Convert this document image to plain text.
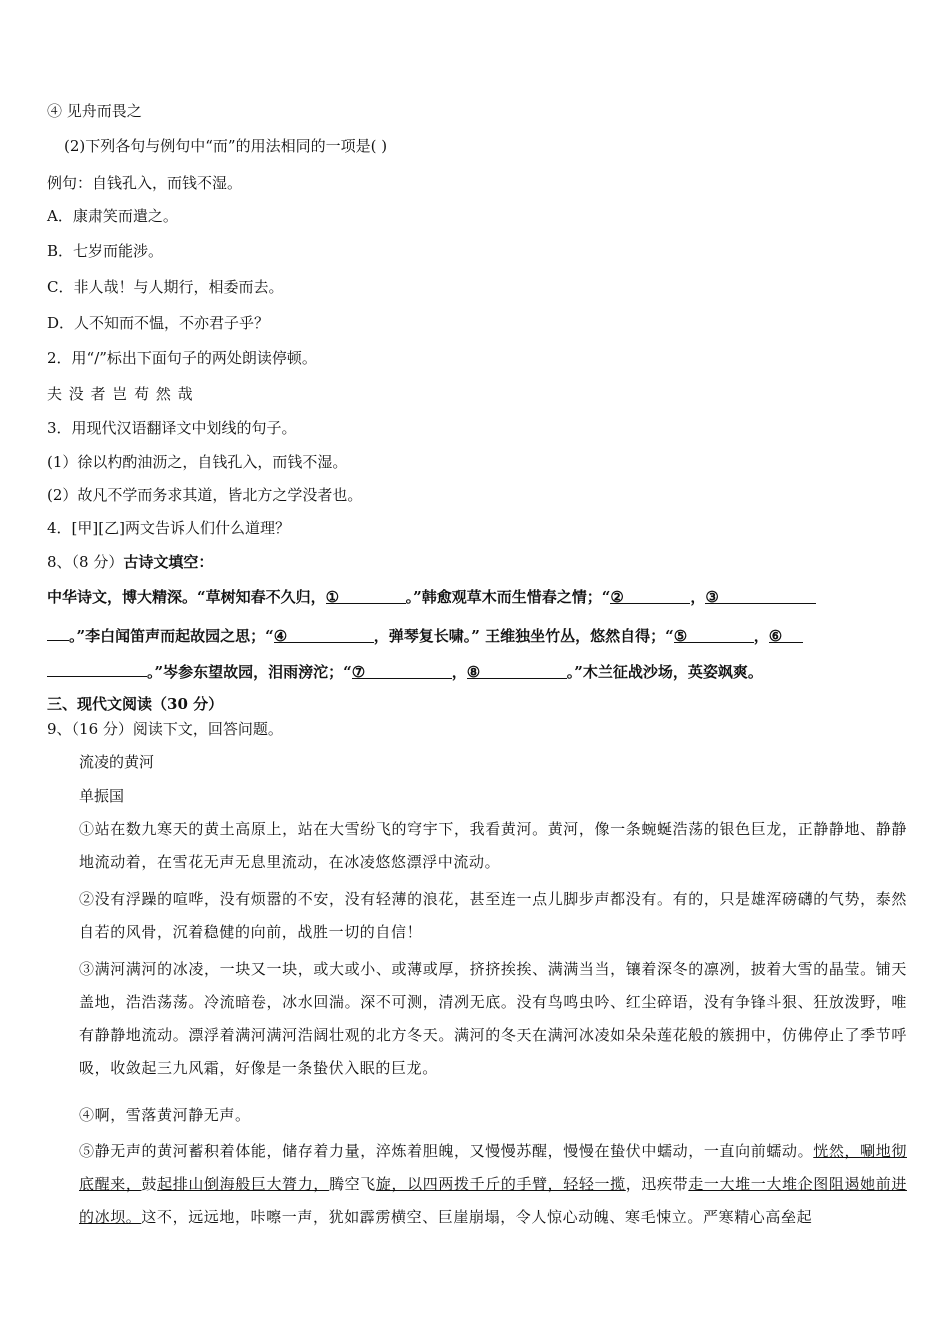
④ 见舟而畏之
(2)下列各句与例句中“而”的用法相同的一项是( )
例句：自钱孔入，而钱不湿。
A．康肃笑而遣之。
B．七岁而能涉。
C．非人哉！与人期行，相委而去。
D．人不知而不愠，不亦君子乎？
2．用“/”标出下面句子的两处朗读停顿。
夫 没 者 岂 苟 然 哉
3．用现代汉语翻译文中划线的句子。
(1）徐以杓酌油沥之，自钱孔入，而钱不湿。
(2）故凡不学而务求其道，皆北方之学没者也。
4．[甲][乙]两文告诉人们什么道理？
8、（8 分）古诗文填空：
中华诗文，博大精深。“草树知春不久归，①	。”韩愈观草木而生惜春之情；“②	，③
。”李白闻笛声而起故园之思；“④	，弹琴复长啸。” 王维独坐竹丛，悠然自得；“⑤	，⑥
。”岑参东望故园，泪雨滂沱；“⑦	，⑧	。”木兰征战沙场，英姿飒爽。
三、现代文阅读（30 分）
9、（16 分）阅读下文，回答问题。
流凌的黄河
单振国
①站在数九寒天的黄土高原上，站在大雪纷飞的穹宇下，我看黄河。黄河，像一条蜿蜒浩荡的银色巨龙，正静静地、静静地流动着，在雪花无声无息里流动，在冰凌悠悠漂浮中流动。
②没有浮躁的喧哗，没有烦嚣的不安，没有轻薄的浪花，甚至连一点儿脚步声都没有。有的，只是雄浑磅礴的气势，泰然自若的风骨，沉着稳健的向前，战胜一切的自信！
③满河满河的冰凌，一块又一块，或大或小、或薄或厚，挤挤挨挨、满满当当，镶着深冬的凛冽，披着大雪的晶莹。铺天盖地，浩浩荡荡。冷流暗卷，冰水回湍。深不可测，清冽无底。没有鸟鸣虫吟、红尘碎语，没有争锋斗狠、狂放泼野，唯有静静地流动。漂浮着满河满河浩阔壮观的北方冬天。满河的冬天在满河冰凌如朵朵莲花般的簇拥中，仿佛停止了季节呼吸，收敛起三九风霜，好像是一条蛰伏入眠的巨龙。
④啊，雪落黄河静无声。
⑤静无声的黄河蓄积着体能，储存着力量，淬炼着胆魄，又慢慢苏醒，慢慢在蛰伏中蠕动，一直向前蠕动。恍然，唰地彻底醒来，鼓起排山倒海般巨大膂力，腾空飞旋，以四两拨千斤的手臂，轻轻一揽，迅疾带走一大堆一大堆企图阻遏她前进的冰坝。这不，远远地，咔嚓一声，犹如霹雳横空、巨崖崩塌，令人惊心动魄、寒毛悚立。严寒精心高垒起
